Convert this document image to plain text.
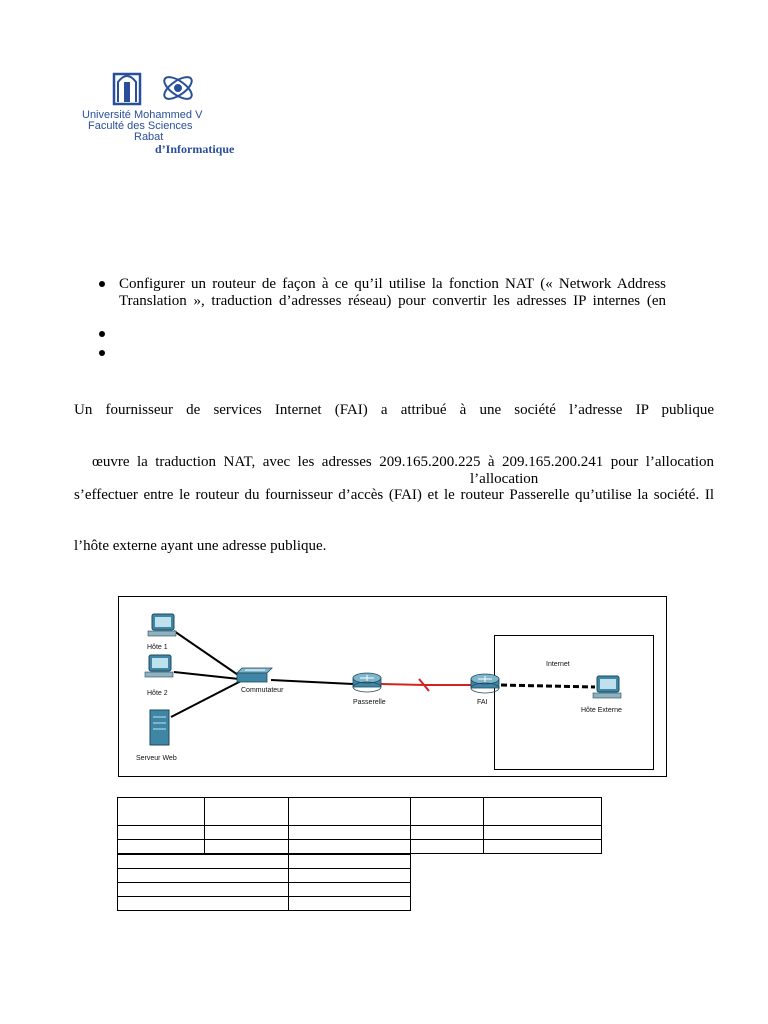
Université Mohammed V
Faculté des Sciences
Rabat
d’Informatique
Configurer un routeur de façon à ce qu’il utilise la fonction NAT (« Network Address
Translation », traduction d’adresses réseau) pour convertir les adresses IP internes (en
Un fournisseur de services Internet (FAI) a attribué à une société l’adresse IP publique
œuvre la traduction NAT, avec les adresses 209.165.200.225 à 209.165.200.241 pour l’allocation
l’allocation
s’effectuer entre le routeur du fournisseur d’accès (FAI) et le routeur Passerelle qu’utilise la société. Il
l’hôte externe ayant une adresse publique.
Hôte 1
Hôte 2
Serveur Web
Commutateur
Passerelle	FAI
Internet
Hôte Externe
